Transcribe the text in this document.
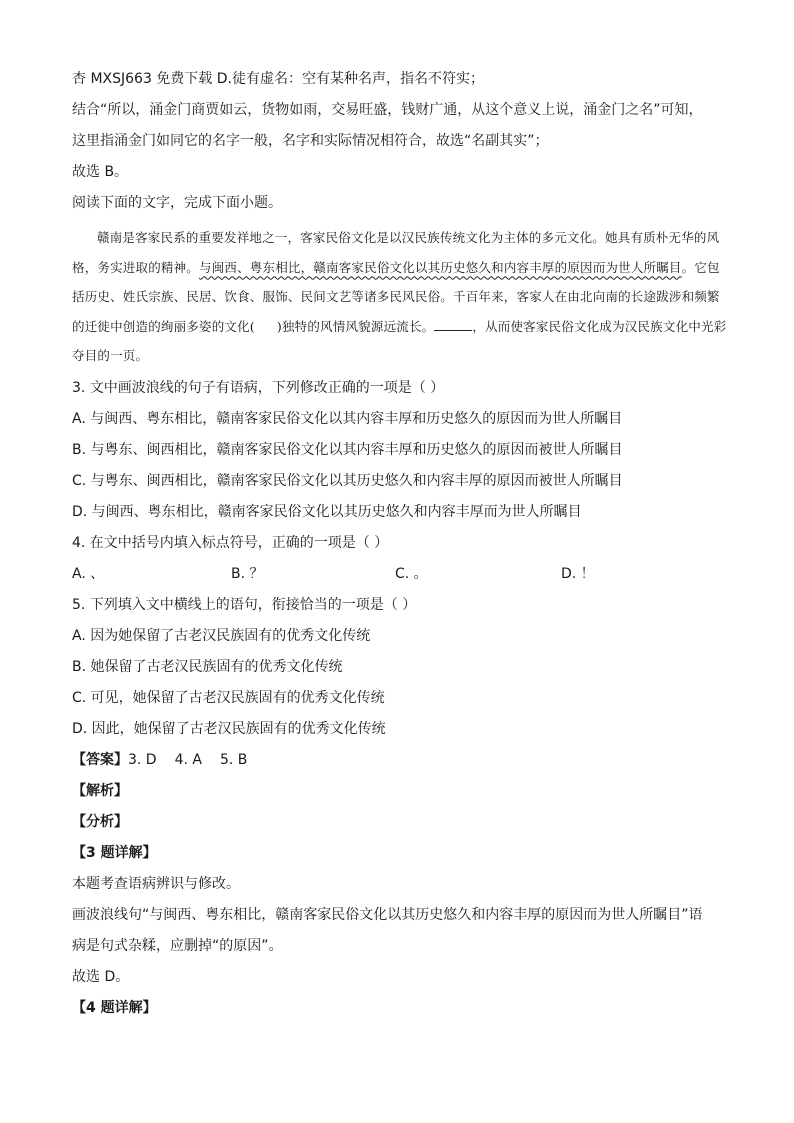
杏 MXSJ663 免费下载 D.徒有虚名：空有某种名声，指名不符实；

结合“所以，涌金门商贾如云，货物如雨，交易旺盛，钱财广通，从这个意义上说，涌金门之名”可知，

这里指涌金门如同它的名字一般，名字和实际情况相符合，故选“名副其实”；

故选 B。

阅读下面的文字，完成下面小题。

赣南是客家民系的重要发祥地之一，客家民俗文化是以汉民族传统文化为主体的多元文化。她具有质朴无华的风格，务实进取的精神。与闽西、粤东相比，赣南客家民俗文化以其历史悠久和内容丰厚的原因而为世人所瞩目。它包括历史、姓氏宗族、民居、饮食、服饰、民间文艺等诸多民风民俗。千百年来，客家人在由北向南的长途跋涉和频繁的迁徙中创造的绚丽多姿的文化( )独特的风情风貌源远流长。	，从而使客家民俗文化成为汉民族文化中光彩夺目的一页。

3. 文中画波浪线的句子有语病，下列修改正确的一项是（ ）

A. 与闽西、粤东相比，赣南客家民俗文化以其内容丰厚和历史悠久的原因而为世人所瞩目

B. 与粤东、闽西相比，赣南客家民俗文化以其内容丰厚和历史悠久的原因而被世人所瞩目

C. 与粤东、闽西相比，赣南客家民俗文化以其历史悠久和内容丰厚的原因而被世人所瞩目

D. 与闽西、粤东相比，赣南客家民俗文化以其历史悠久和内容丰厚而为世人所瞩目

4. 在文中括号内填入标点符号，正确的一项是（ ）

A. 、	B. ？	C. 。	D. ！

5. 下列填入文中横线上的语句，衔接恰当的一项是（ ）

A. 因为她保留了古老汉民族固有的优秀文化传统

B. 她保留了古老汉民族固有的优秀文化传统

C. 可见，她保留了古老汉民族固有的优秀文化传统

D. 因此，她保留了古老汉民族固有的优秀文化传统

【答案】3. D 4. A 5. B

【解析】

【分析】

【3 题详解】

本题考查语病辨识与修改。

画波浪线句“与闽西、粤东相比，赣南客家民俗文化以其历史悠久和内容丰厚的原因而为世人所瞩目”语

病是句式杂糅，应删掉“的原因”。

故选 D。

【4 题详解】
